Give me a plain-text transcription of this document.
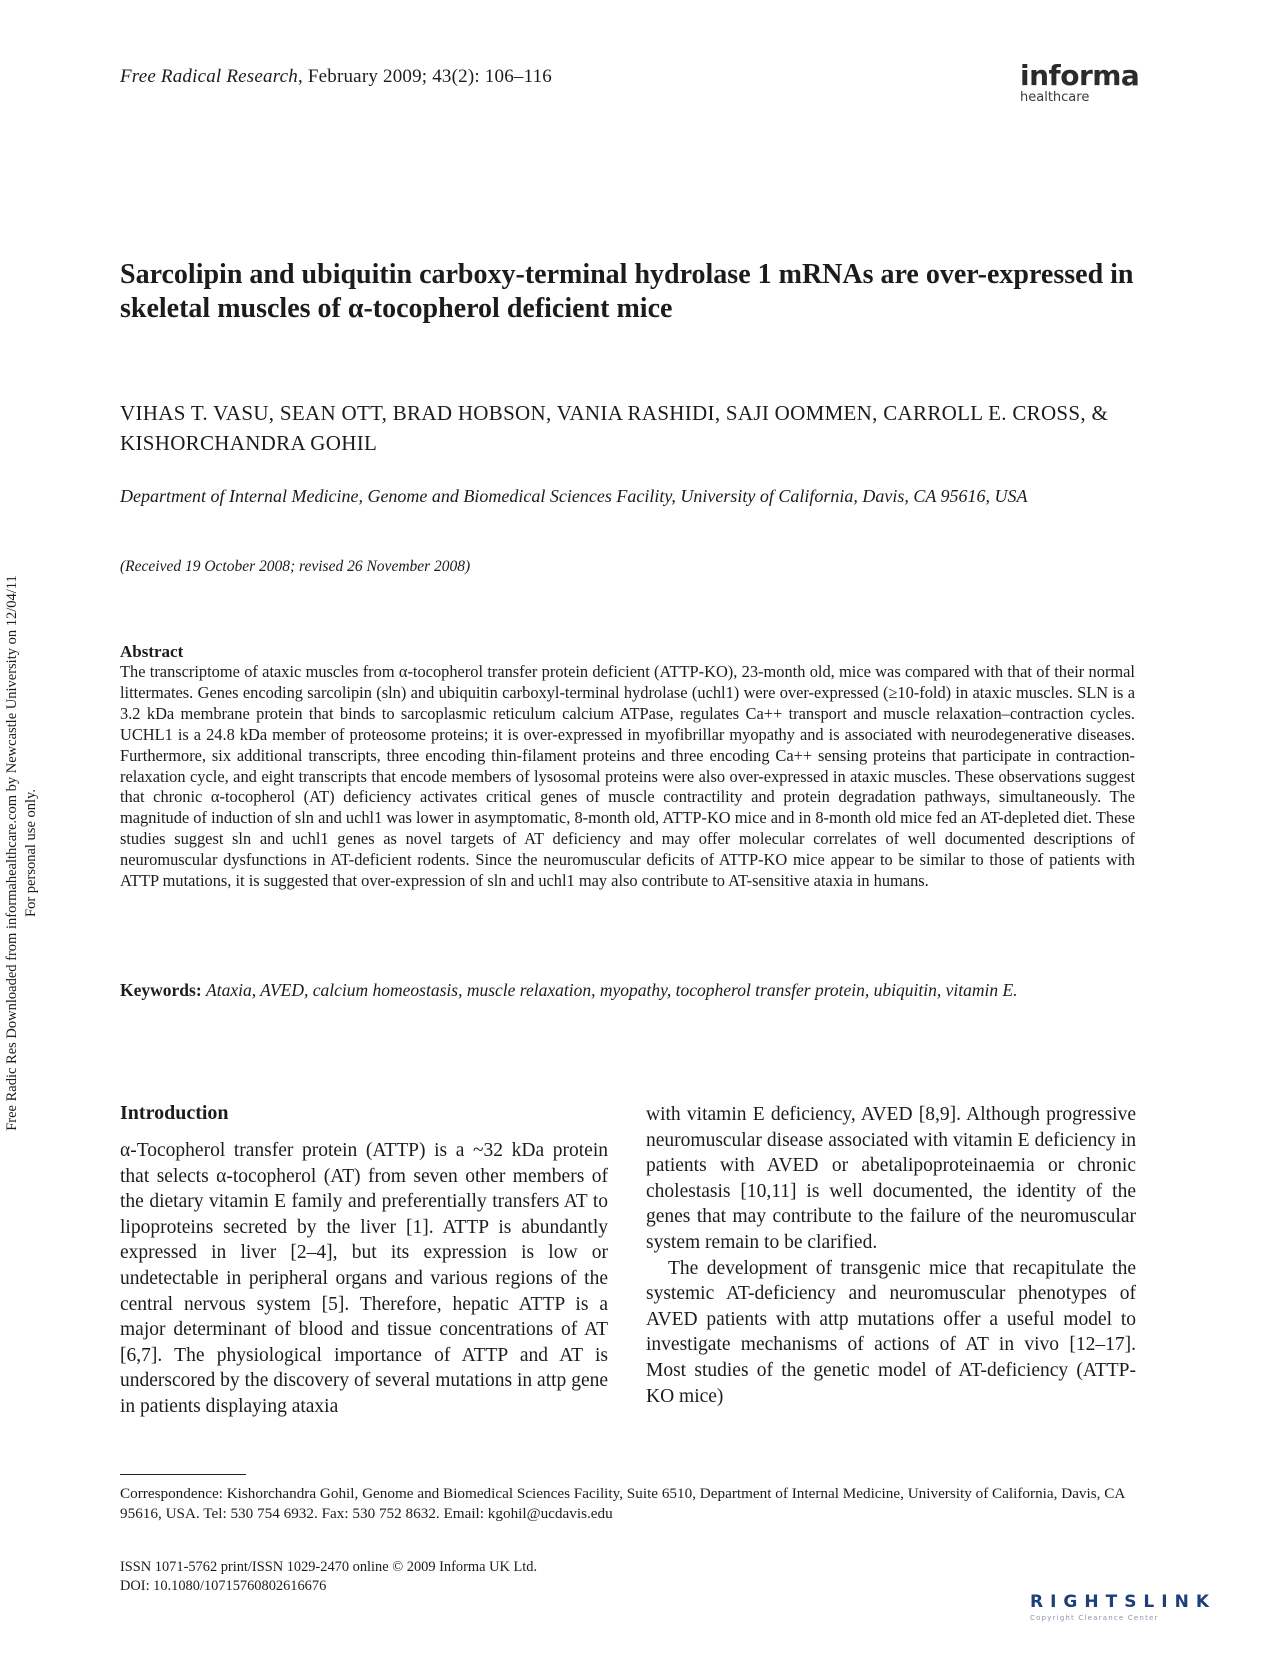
Free Radical Research, February 2009; 43(2): 106–116	informa
healthcare
Sarcolipin and ubiquitin carboxy-terminal hydrolase 1 mRNAs are over-expressed in skeletal muscles of α-tocopherol deficient mice
VIHAS T. VASU, SEAN OTT, BRAD HOBSON, VANIA RASHIDI, SAJI OOMMEN, CARROLL E. CROSS, & KISHORCHANDRA GOHIL
Department of Internal Medicine, Genome and Biomedical Sciences Facility, University of California, Davis, CA 95616, USA
(Received 19 October 2008; revised 26 November 2008)
Free Radic Res Downloaded from informahealthcare.com by Newcastle University on 12/04/11 For personal use only.
Abstract

The transcriptome of ataxic muscles from α-tocopherol transfer protein deficient (ATTP-KO), 23-month old, mice was compared with that of their normal littermates. Genes encoding sarcolipin (sln) and ubiquitin carboxyl-terminal hydrolase (uchl1) were over-expressed (≥10-fold) in ataxic muscles. SLN is a 3.2 kDa membrane protein that binds to sarcoplasmic reticulum calcium ATPase, regulates Ca++ transport and muscle relaxation–contraction cycles. UCHL1 is a 24.8 kDa member of proteosome proteins; it is over-expressed in myofibrillar myopathy and is associated with neurodegenerative diseases. Furthermore, six additional transcripts, three encoding thin-filament proteins and three encoding Ca++ sensing proteins that participate in contraction-relaxation cycle, and eight transcripts that encode members of lysosomal proteins were also over-expressed in ataxic muscles. These observations suggest that chronic α-tocopherol (AT) deficiency activates critical genes of muscle contractility and protein degradation pathways, simultaneously. The magnitude of induction of sln and uchl1 was lower in asymptomatic, 8-month old, ATTP-KO mice and in 8-month old mice fed an AT-depleted diet. These studies suggest sln and uchl1 genes as novel targets of AT deficiency and may offer molecular correlates of well documented descriptions of neuromuscular dysfunctions in AT-deficient rodents. Since the neuromuscular deficits of ATTP-KO mice appear to be similar to those of patients with ATTP mutations, it is suggested that over-expression of sln and uchl1 may also contribute to AT-sensitive ataxia in humans.

Keywords: Ataxia, AVED, calcium homeostasis, muscle relaxation, myopathy, tocopherol transfer protein, ubiquitin, vitamin E.
Introduction

α-Tocopherol transfer protein (ATTP) is a ~32 kDa protein that selects α-tocopherol (AT) from seven other members of the dietary vitamin E family and preferentially transfers AT to lipoproteins secreted by the liver [1]. ATTP is abundantly expressed in liver [2–4], but its expression is low or undetectable in peripheral organs and various regions of the central nervous system [5]. Therefore, hepatic ATTP is a major determinant of blood and tissue concentrations of AT [6,7]. The physiological importance of ATTP and AT is underscored by the discovery of several mutations in attp gene in patients displaying ataxia

with vitamin E deficiency, AVED [8,9]. Although progressive neuromuscular disease associated with vitamin E deficiency in patients with AVED or abetalipoproteinaemia or chronic cholestasis [10,11] is well documented, the identity of the genes that may contribute to the failure of the neuromuscular system remain to be clarified.

The development of transgenic mice that recapitulate the systemic AT-deficiency and neuromuscular phenotypes of AVED patients with attp mutations offer a useful model to investigate mechanisms of actions of AT in vivo [12–17]. Most studies of the genetic model of AT-deficiency (ATTP-KO mice)

Correspondence: Kishorchandra Gohil, Genome and Biomedical Sciences Facility, Suite 6510, Department of Internal Medicine, University of California, Davis, CA 95616, USA. Tel: 530 754 6932. Fax: 530 752 8632. Email: kgohil@ucdavis.edu
ISSN 1071-5762 print/ISSN 1029-2470 online © 2009 Informa UK Ltd.
DOI: 10.1080/10715760802616676
RIGHTSLINK
Copyright Clearance Center
